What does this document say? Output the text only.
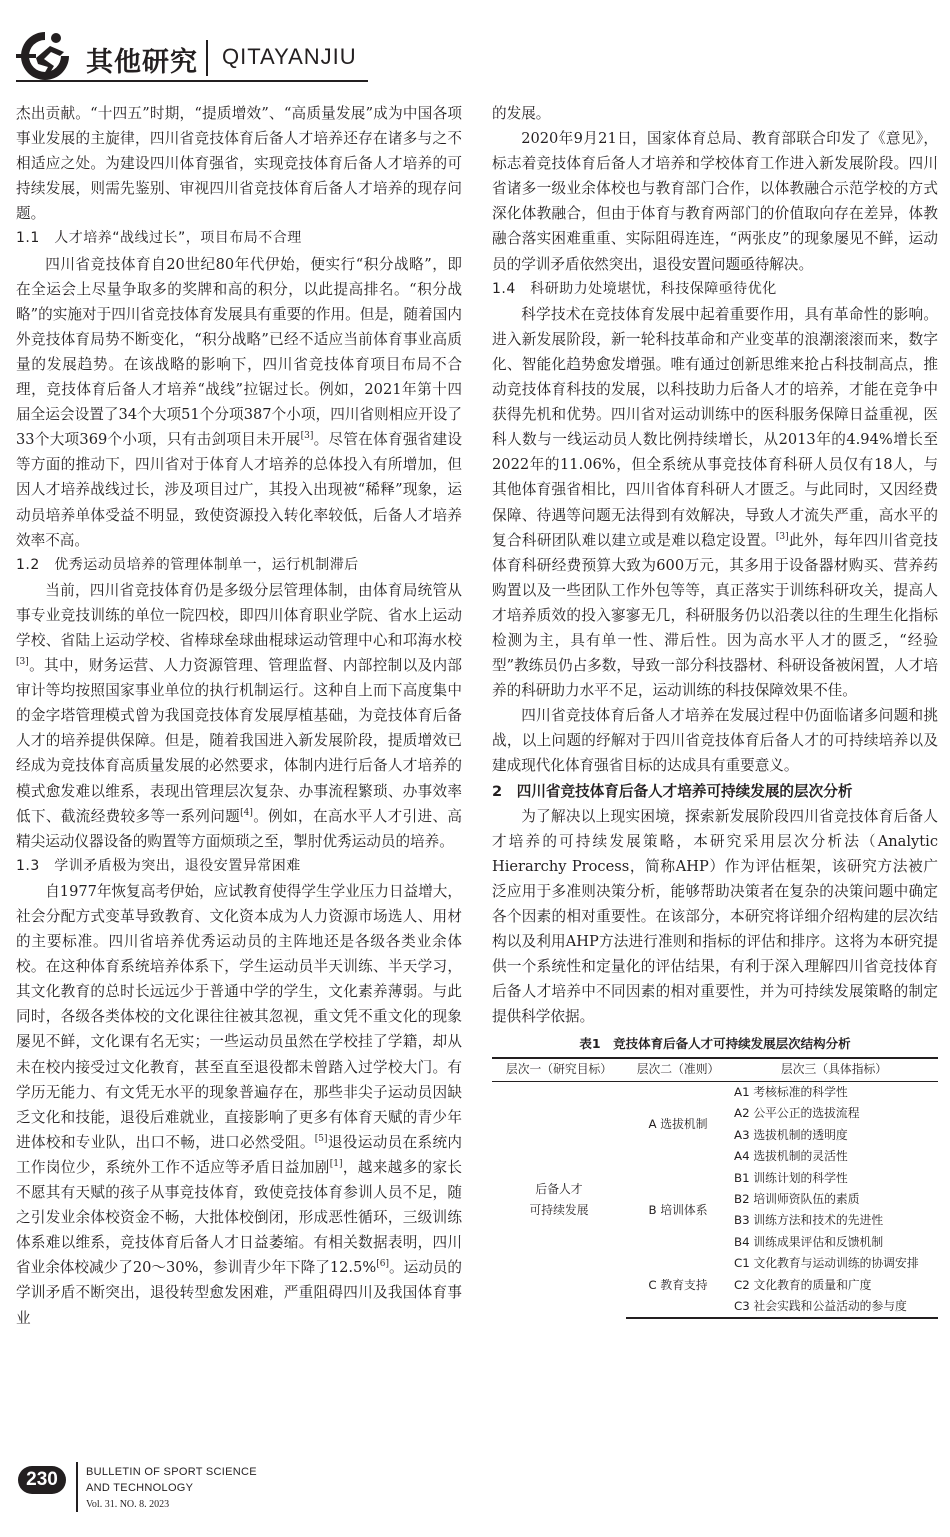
其他研究 QITAYANJIU

杰出贡献。“十四五”时期，“提质增效”、“高质量发展”成为中国各项事业发展的主旋律，四川省竞技体育后备人才培养还存在诸多与之不相适应之处。为建设四川体育强省，实现竞技体育后备人才培养的可持续发展，则需先鉴别、审视四川省竞技体育后备人才培养的现存问题。

1.1　人才培养“战线过长”，项目布局不合理

四川省竞技体育自20世纪80年代伊始，便实行“积分战略”，即在全运会上尽量争取多的奖牌和高的积分，以此提高排名。“积分战略”的实施对于四川省竞技体育发展具有重要的作用。但是，随着国内外竞技体育局势不断变化，“积分战略”已经不适应当前体育事业高质量的发展趋势。在该战略的影响下，四川省竞技体育项目布局不合理，竞技体育后备人才培养“战线”拉锯过长。例如，2021年第十四届全运会设置了34个大项51个分项387个小项，四川省则相应开设了33个大项369个小项，只有击剑项目未开展[3]。尽管在体育强省建设等方面的推动下，四川省对于体育人才培养的总体投入有所增加，但因人才培养战线过长，涉及项目过广，其投入出现被“稀释”现象，运动员培养单体受益不明显，致使资源投入转化率较低，后备人才培养效率不高。

1.2　优秀运动员培养的管理体制单一，运行机制滞后

当前，四川省竞技体育仍是多级分层管理体制，由体育局统管从事专业竞技训练的单位一院四校，即四川体育职业学院、省水上运动学校、省陆上运动学校、省棒球垒球曲棍球运动管理中心和邛海水校[3]。其中，财务运营、人力资源管理、管理监督、内部控制以及内部审计等均按照国家事业单位的执行机制运行。这种自上而下高度集中的金字塔管理模式曾为我国竞技体育发展厚植基础，为竞技体育后备人才的培养提供保障。但是，随着我国进入新发展阶段，提质增效已经成为竞技体育高质量发展的必然要求，体制内进行后备人才培养的模式愈发难以维系，表现出管理层次复杂、办事流程繁琐、办事效率低下、截流经费较多等一系列问题[4]。例如，在高水平人才引进、高精尖运动仪器设备的购置等方面烦琐之至，掣肘优秀运动员的培养。

1.3　学训矛盾极为突出，退役安置异常困难

自1977年恢复高考伊始，应试教育使得学生学业压力日益增大，社会分配方式变革导致教育、文化资本成为人力资源市场选人、用材的主要标准。四川省培养优秀运动员的主阵地还是各级各类业余体校。在这种体育系统培养体系下，学生运动员半天训练、半天学习，其文化教育的总时长远远少于普通中学的学生，文化素养薄弱。与此同时，各级各类体校的文化课往往被其忽视，重文凭不重文化的现象屡见不鲜，文化课有名无实；一些运动员虽然在学校挂了学籍，却从未在校内接受过文化教育，甚至直至退役都未曾踏入过学校大门。有学历无能力、有文凭无水平的现象普遍存在，那些非尖子运动员因缺乏文化和技能，退役后难就业，直接影响了更多有体育天赋的青少年进体校和专业队，出口不畅，进口必然受阻。[5]退役运动员在系统内工作岗位少，系统外工作不适应等矛盾日益加剧[1]，越来越多的家长不愿其有天赋的孩子从事竞技体育，致使竞技体育参训人员不足，随之引发业余体校资金不畅，大批体校倒闭，形成恶性循环，三级训练体系难以维系，竞技体育后备人才日益萎缩。有相关数据表明，四川省业余体校减少了20～30%，参训青少年下降了12.5%[6]。运动员的学训矛盾不断突出，退役转型愈发困难，严重阻碍四川及我国体育事业

的发展。

2020年9月21日，国家体育总局、教育部联合印发了《意见》，标志着竞技体育后备人才培养和学校体育工作进入新发展阶段。四川省诸多一级业余体校也与教育部门合作，以体教融合示范学校的方式深化体教融合，但由于体育与教育两部门的价值取向存在差异，体教融合落实困难重重、实际阻碍连连，“两张皮”的现象屡见不鲜，运动员的学训矛盾依然突出，退役安置问题亟待解决。

1.4　科研助力处境堪忧，科技保障亟待优化

科学技术在竞技体育发展中起着重要作用，具有革命性的影响。进入新发展阶段，新一轮科技革命和产业变革的浪潮滚滚而来，数字化、智能化趋势愈发增强。唯有通过创新思维来抢占科技制高点，推动竞技体育科技的发展，以科技助力后备人才的培养，才能在竞争中获得先机和优势。四川省对运动训练中的医科服务保障日益重视，医科人数与一线运动员人数比例持续增长，从2013年的4.94%增长至2022年的11.06%，但全系统从事竞技体育科研人员仅有18人，与其他体育强省相比，四川省体育科研人才匮乏。与此同时，又因经费保障、待遇等问题无法得到有效解决，导致人才流失严重，高水平的复合科研团队难以建立或是难以稳定设置。[3]此外，每年四川省竞技体育科研经费预算大致为600万元，其多用于设备器材购买、营养药购置以及一些团队工作外包等等，真正落实于训练科研攻关，提高人才培养质效的投入寥寥无几，科研服务仍以沿袭以往的生理生化指标检测为主，具有单一性、滞后性。因为高水平人才的匮乏，“经验型”教练员仍占多数，导致一部分科技器材、科研设备被闲置，人才培养的科研助力水平不足，运动训练的科技保障效果不佳。

四川省竞技体育后备人才培养在发展过程中仍面临诸多问题和挑战，以上问题的纾解对于四川省竞技体育后备人才的可持续培养以及建成现代化体育强省目标的达成具有重要意义。

2　四川省竞技体育后备人才培养可持续发展的层次分析

为了解决以上现实困境，探索新发展阶段四川省竞技体育后备人才培养的可持续发展策略，本研究采用层次分析法（Analytic Hierarchy Process，简称AHP）作为评估框架，该研究方法被广泛应用于多准则决策分析，能够帮助决策者在复杂的决策问题中确定各个因素的相对重要性。在该部分，本研究将详细介绍构建的层次结构以及利用AHP方法进行准则和指标的评估和排序。这将为本研究提供一个系统性和定量化的评估结果，有利于深入理解四川省竞技体育后备人才培养中不同因素的相对重要性，并为可持续发展策略的制定提供科学依据。

表1　竞技体育后备人才可持续发展层次结构分析
层次一（研究目标）	层次二（准则）	层次三（具体指标）
后备人才
可持续发展	A 选拔机制	A1 考核标准的科学性
		A2 公平公正的选拔流程
		A3 选拔机制的透明度
		A4 选拔机制的灵活性
	B 培训体系	B1 训练计划的科学性
		B2 培训师资队伍的素质
		B3 训练方法和技术的先进性
		B4 训练成果评估和反馈机制
	C 教育支持	C1 文化教育与运动训练的协调安排
		C2 文化教育的质量和广度
		C3 社会实践和公益活动的参与度
230	BULLETIN OF SPORT SCIENCE
AND TECHNOLOGY
Vol. 31. NO. 8. 2023
